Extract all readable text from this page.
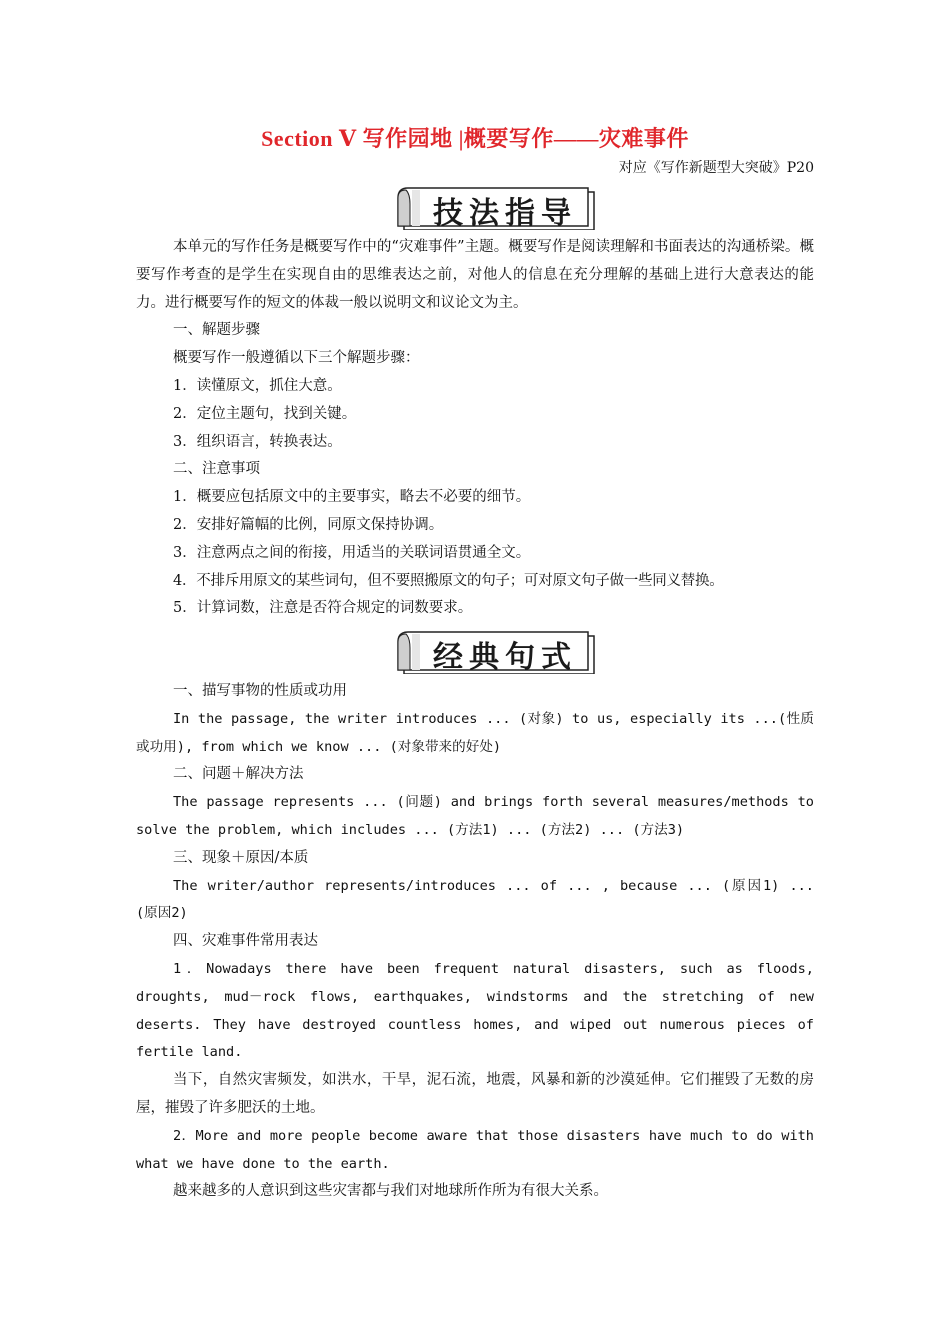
Section Ⅴ 写作园地 |概要写作——灾难事件
对应《写作新题型大突破》P20
技法指导

本单元的写作任务是概要写作中的“灾难事件”主题。概要写作是阅读理解和书面表达的沟通桥梁。概要写作考查的是学生在实现自由的思维表达之前，对他人的信息在充分理解的基础上进行大意表达的能力。进行概要写作的短文的体裁一般以说明文和议论文为主。

一、解题步骤

概要写作一般遵循以下三个解题步骤：

1．读懂原文，抓住大意。

2．定位主题句，找到关键。

3．组织语言，转换表达。

二、注意事项

1．概要应包括原文中的主要事实，略去不必要的细节。

2．安排好篇幅的比例，同原文保持协调。

3．注意两点之间的衔接，用适当的关联词语贯通全文。

4．不排斥用原文的某些词句，但不要照搬原文的句子；可对原文句子做一些同义替换。

5．计算词数，注意是否符合规定的词数要求。

经典句式

一、描写事物的性质或功用

In the passage, the writer introduces ... (对象) to us, especially its ...(性质或功用), from which we know ... (对象带来的好处)

二、问题＋解决方法

The passage represents ... (问题) and brings forth several measures/methods to solve the problem, which includes ... (方法1) ... (方法2) ... (方法3)

三、现象＋原因/本质

The writer/author represents/introduces ... of ... , because ... (原因1) ... (原因2)

四、灾难事件常用表达

1．Nowadays there have been frequent natural disasters, such as floods, droughts, mud－rock flows, earthquakes, windstorms and the stretching of new deserts. They have destroyed countless homes, and wiped out numerous pieces of fertile land.

当下，自然灾害频发，如洪水，干旱，泥石流，地震，风暴和新的沙漠延伸。它们摧毁了无数的房屋，摧毁了许多肥沃的土地。

2．More and more people become aware that those disasters have much to do with what we have done to the earth.

越来越多的人意识到这些灾害都与我们对地球所作所为有很大关系。
